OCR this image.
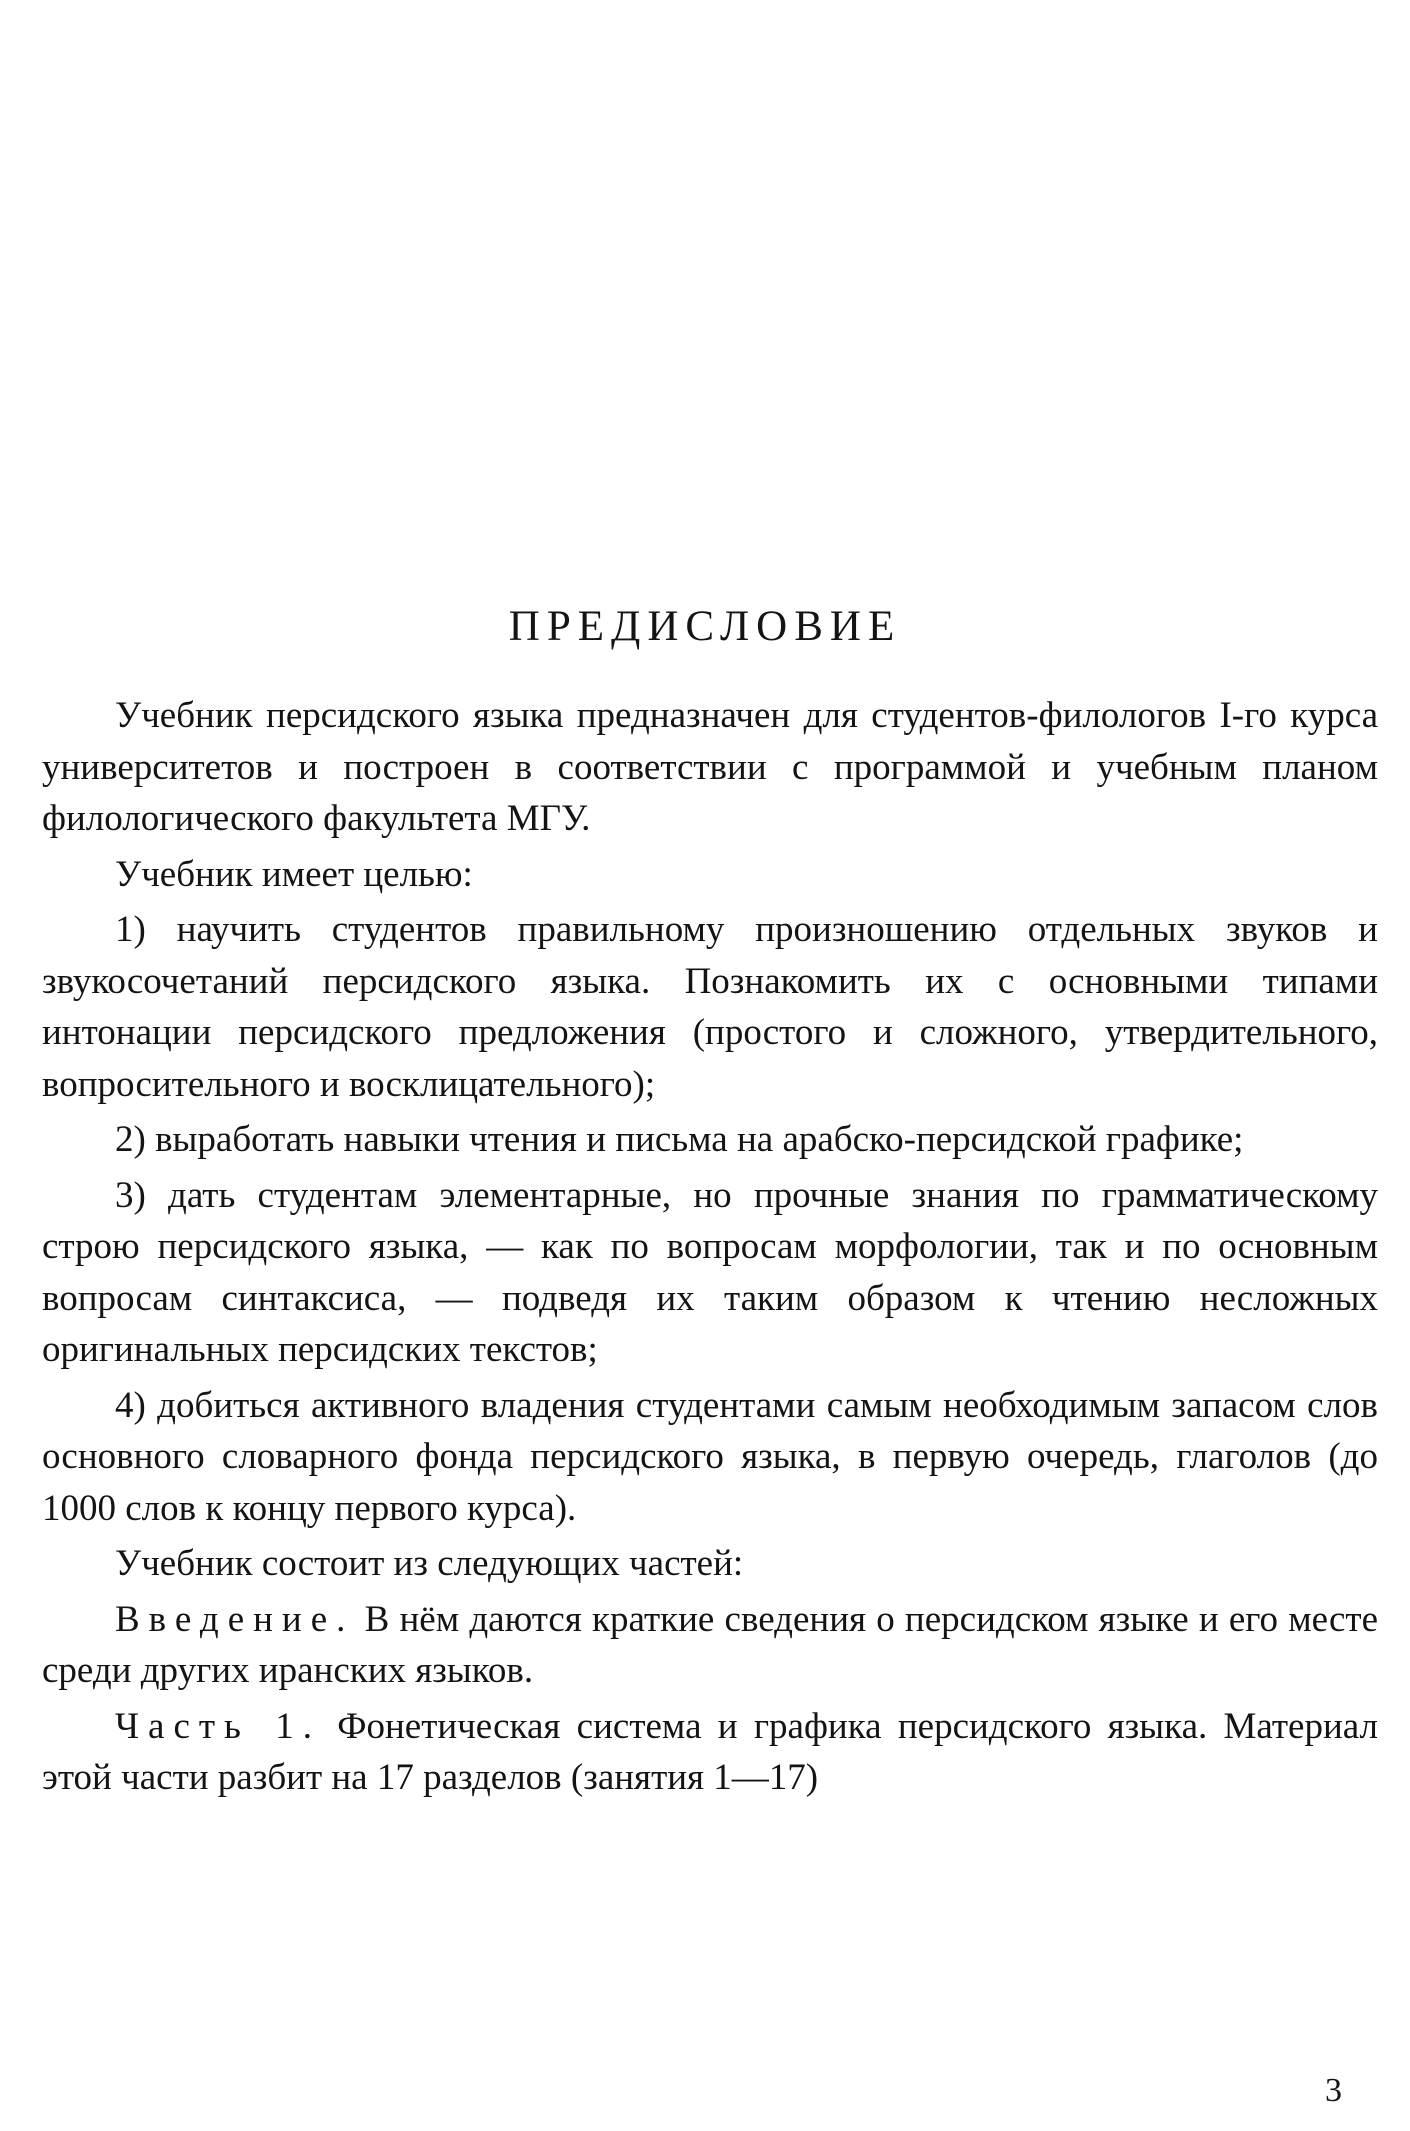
ПРЕДИСЛОВИЕ

Учебник персидского языка предназначен для студентов-филологов I-го курса университетов и построен в соответствии с программой и учебным планом филологического факультета МГУ.

Учебник имеет целью:

1) научить студентов правильному произношению отдельных звуков и звукосочетаний персидского языка. Познакомить их с основными типами интонации персидского предложения (простого и сложного, утвердительного, вопросительного и восклицательного);

2) выработать навыки чтения и письма на арабско-персидской графике;

3) дать студентам элементарные, но прочные знания по грамматическому строю персидского языка, — как по вопросам морфологии, так и по основным вопросам синтаксиса, — подведя их таким образом к чтению несложных оригинальных персидских текстов;

4) добиться активного владения студентами самым необходимым запасом слов основного словарного фонда персидского языка, в первую очередь, глаголов (до 1000 слов к концу первого курса).

Учебник состоит из следующих частей:

Введение. В нём даются краткие сведения о персидском языке и его месте среди других иранских языков.

Часть 1. Фонетическая система и графика персидского языка. Материал этой части разбит на 17 разделов (занятия 1—17)

3
